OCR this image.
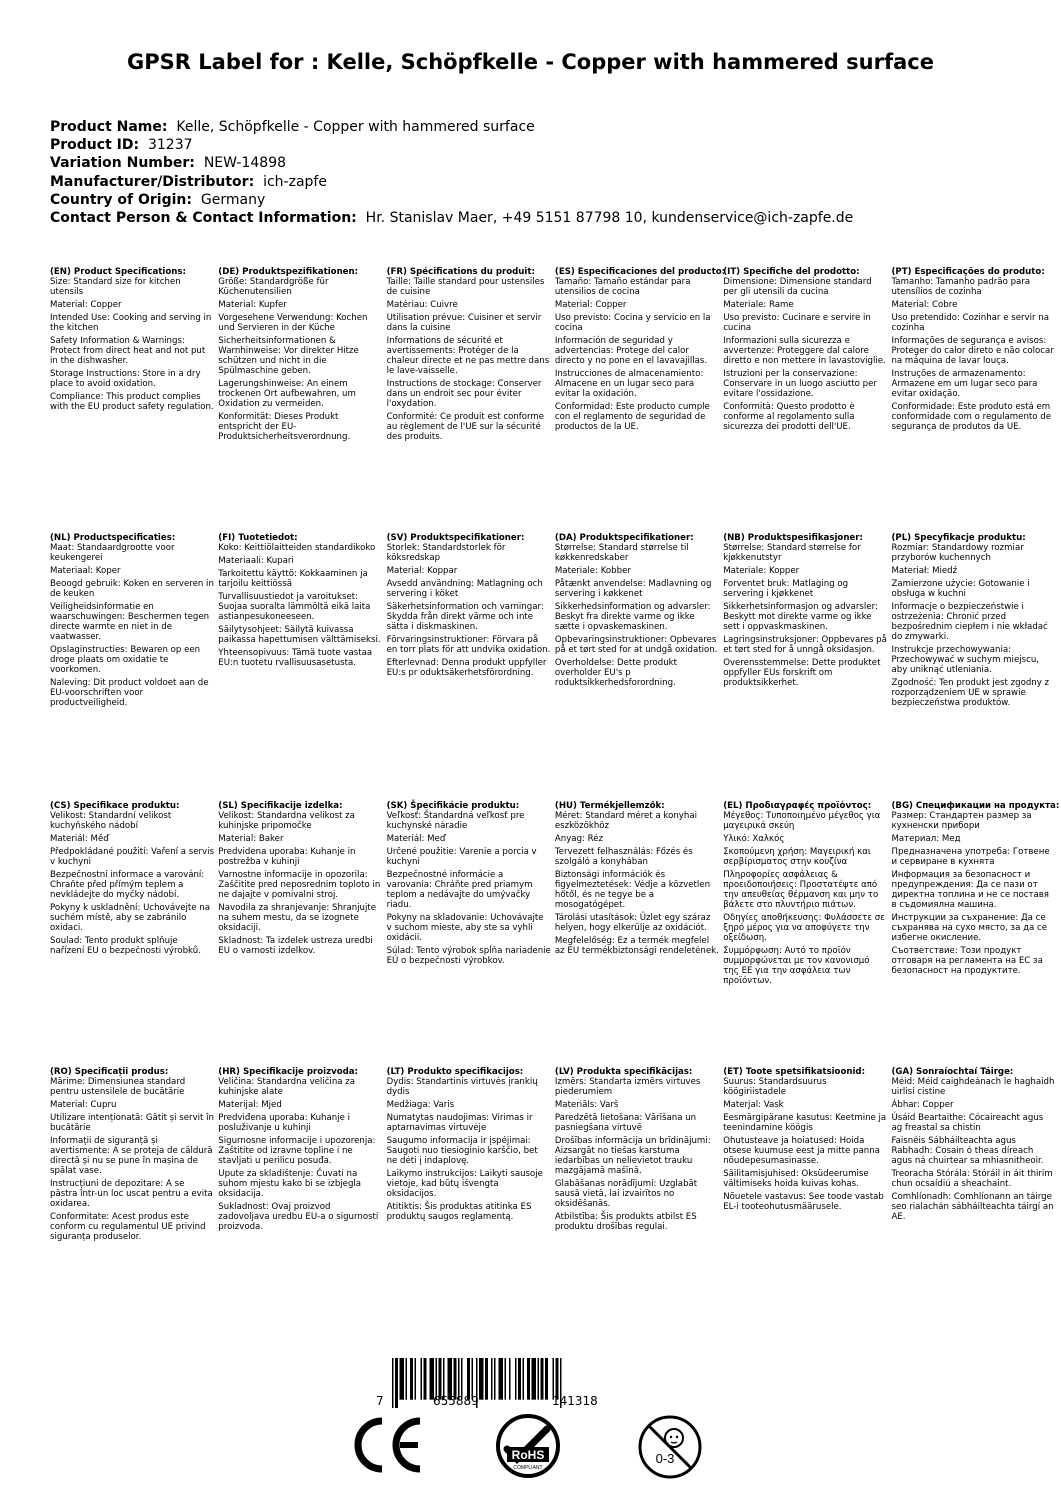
GPSR Label for : Kelle, Schöpfkelle - Copper with hammered surface
Product Name: Kelle, Schöpfkelle - Copper with hammered surface
Product ID: 31237
Variation Number: NEW-14898
Manufacturer/Distributor: ich-zapfe
Country of Origin: Germany
Contact Person & Contact Information: Hr. Stanislav Maer, +49 5151 87798 10, kundenservice@ich-zapfe.de
(EN) Product Specifications:

Size: Standard size for kitchen utensils

Material: Copper

Intended Use: Cooking and serving in the kitchen

Safety Information & Warnings: Protect from direct heat and not put in the dishwasher.

Storage Instructions: Store in a dry place to avoid oxidation.

Compliance: This product complies with the EU product safety regulation.

(DE) Produktspezifikationen:

Größe: Standardgröße für Küchenutensilien

Material: Kupfer

Vorgesehene Verwendung: Kochen und Servieren in der Küche

Sicherheitsinformationen & Warnhinweise: Vor direkter Hitze schützen und nicht in die Spülmaschine geben.

Lagerungshinweise: An einem trockenen Ort aufbewahren, um Oxidation zu vermeiden.

Konformität: Dieses Produkt entspricht der EU-Produktsicherheitsverordnung.

(FR) Spécifications du produit:

Taille: Taille standard pour ustensiles de cuisine

Matériau: Cuivre

Utilisation prévue: Cuisiner et servir dans la cuisine

Informations de sécurité et avertissements: Protéger de la chaleur directe et ne pas mettre dans le lave-vaisselle.

Instructions de stockage: Conserver dans un endroit sec pour éviter l'oxydation.

Conformité: Ce produit est conforme au règlement de l'UE sur la sécurité des produits.

(ES) Especificaciones del producto:

Tamaño: Tamaño estándar para utensilios de cocina

Material: Copper

Uso previsto: Cocina y servicio en la cocina

Información de seguridad y advertencias: Protege del calor directo y no pone en el lavavajillas.

Instrucciones de almacenamiento: Almacene en un lugar seco para evitar la oxidación.

Conformidad: Este producto cumple con el reglamento de seguridad de productos de la UE.

(IT) Specifiche del prodotto:

Dimensione: Dimensione standard per gli utensili da cucina

Materiale: Rame

Uso previsto: Cucinare e servire in cucina

Informazioni sulla sicurezza e avvertenze: Proteggere dal calore diretto e non mettere in lavastoviglie.

Istruzioni per la conservazione: Conservare in un luogo asciutto per evitare l'ossidazione.

Conformità: Questo prodotto è conforme al regolamento sulla sicurezza dei prodotti dell'UE.

(PT) Especificações do produto:

Tamanho: Tamanho padrão para utensílios de cozinha

Material: Cobre

Uso pretendido: Cozinhar e servir na cozinha

Informações de segurança e avisos: Proteger do calor direto e não colocar na máquina de lavar louça.

Instruções de armazenamento: Armazene em um lugar seco para evitar oxidação.

Conformidade: Este produto está em conformidade com o regulamento de segurança de produtos da UE.

(NL) Productspecificaties:

Maat: Standaardgrootte voor keukengerei

Materiaal: Koper

Beoogd gebruik: Koken en serveren in de keuken

Veiligheidsinformatie en waarschuwingen: Beschermen tegen directe warmte en niet in de vaatwasser.

Opslaginstructies: Bewaren op een droge plaats om oxidatie te voorkomen.

Naleving: Dit product voldoet aan de EU-voorschriften voor productveiligheid.

(FI) Tuotetiedot:

Koko: Keittiölaitteiden standardikoko

Materiaali: Kupari

Tarkoitettu käyttö: Kokkaaminen ja tarjoilu keittiössä

Turvallisuustiedot ja varoitukset: Suojaa suoralta lämmöltä eikä laita astianpesukoneeseen.

Säilytysohjeet: Säilytä kuivassa paikassa hapettumisen välttämiseksi.

Yhteensopivuus: Tämä tuote vastaa EU:n tuotetu rvallisuusasetusta.

(SV) Produktspecifikationer:

Storlek: Standardstorlek för köksredskap

Material: Koppar

Avsedd användning: Matlagning och servering i köket

Säkerhetsinformation och varningar: Skydda från direkt värme och inte sätta i diskmaskinen.

Förvaringsinstruktioner: Förvara på en torr plats för att undvika oxidation.

Efterlevnad: Denna produkt uppfyller EU:s pr oduktsäkerhetsförordning.

(DA) Produktspecifikationer:

Størrelse: Standard størrelse til køkkenredskaber

Materiale: Kobber

Påtænkt anvendelse: Madlavning og servering i køkkenet

Sikkerhedsinformation og advarsler: Beskyt fra direkte varme og ikke sætte i opvaskemaskinen.

Opbevaringsinstruktioner: Opbevares på et tørt sted for at undgå oxidation.

Overholdelse: Dette produkt overholder EU's p roduktsikkerhedsforordning.

(NB) Produktspesifikasjoner:

Størrelse: Standard størrelse for kjøkkenutstyr

Materiale: Kopper

Forventet bruk: Matlaging og servering i kjøkkenet

Sikkerhetsinformasjon og advarsler: Beskytt mot direkte varme og ikke sett i oppvaskmaskinen.

Lagringsinstruksjoner: Oppbevares på et tørt sted for å unngå oksidasjon.

Overensstemmelse: Dette produktet oppfyller EUs forskrift om produktsikkerhet.

(PL) Specyfikacje produktu:

Rozmiar: Standardowy rozmiar przyborów kuchennych

Materiał: Miedź

Zamierzone użycie: Gotowanie i obsługa w kuchni

Informacje o bezpieczeństwie i ostrzeżenia: Chronić przed bezpośrednim ciepłem i nie wkładać do zmywarki.

Instrukcje przechowywania: Przechowywać w suchym miejscu, aby uniknąć utleniania.

Zgodność: Ten produkt jest zgodny z rozporządzeniem UE w sprawie bezpieczeństwa produktów.

(CS) Specifikace produktu:

Velikost: Standardní velikost kuchyňského nádobí

Materiál: Měď

Předpokládané použití: Vaření a servis v kuchyni

Bezpečnostní informace a varování: Chraňte před přímým teplem a nevkládejte do myčky nádobí.

Pokyny k uskladnění: Uchovávejte na suchém místě, aby se zabránilo oxidaci.

Soulad: Tento produkt splňuje nařízení EU o bezpečnosti výrobků.

(SL) Specifikacije izdelka:

Velikost: Standardna velikost za kuhinjske pripomočke

Material: Baker

Predvidena uporaba: Kuhanje in postrežba v kuhinji

Varnostne informacije in opozorila: Zaščitite pred neposrednim toploto in ne dajajte v pomivalni stroj.

Navodila za shranjevanje: Shranjujte na suhem mestu, da se izognete oksidaciji.

Skladnost: Ta izdelek ustreza uredbi EU o varnosti izdelkov.

(SK) Špecifikácie produktu:

Veľkosť: Štandardná veľkosť pre kuchynské náradie

Materiál: Meď

Určené použitie: Varenie a porcia v kuchyni

Bezpečnostné informácie a varovania: Chráňte pred priamym teplom a nedávajte do umývačky riadu.

Pokyny na skladovanie: Uchovávajte v suchom mieste, aby ste sa vyhli oxidácii.

Súlad: Tento výrobok spĺňa nariadenie EÚ o bezpečnosti výrobkov.

(HU) Termékjellemzők:

Méret: Standard méret a konyhai eszközökhöz

Anyag: Réz

Tervezett felhasználás: Főzés és szolgáló a konyhában

Biztonsági információk és figyelmeztetések: Védje a közvetlen hőtől, és ne tegye be a mosogatógépet.

Tárolási utasítások: Üzlet egy száraz helyen, hogy elkerülje az oxidációt.

Megfelelőség: Ez a termék megfelel az EU termékbiztonsági rendeletének.

(EL) Προδιαγραφές προϊόντος:

Μέγεθος: Τυποποιημένο μέγεθος για μαγειρικά σκεύη

Υλικό: Χαλκός

Σκοπούμενη χρήση: Μαγειρική και σερβίρισματος στην κουζίνα

Πληροφορίες ασφάλειας & προειδοποιήσεις: Προστατέψτε από την απευθείας θέρμανση και μην το βάλετε στο πλυντήριο πιάτων.

Οδηγίες αποθήκευσης: Φυλάσσετε σε ξηρό μέρος για να αποφύγετε την οξείδωση.

Συμμόρφωση: Αυτό το προϊόν συμμορφώνεται με τον κανονισμό της ΕΕ για την ασφάλεια των προϊόντων.

(BG) Спецификации на продукта:

Размер: Стандартен размер за кухненски прибори

Материал: Мед

Предназначена употреба: Готвене и сервиране в кухнята

Информация за безопасност и предупреждения: Да се пази от директна топлина и не се поставя в съдомиялна машина.

Инструкции за съхранение: Да се съхранява на сухо място, за да се избегне окисление.

Съответствие: Този продукт отговаря на регламента на ЕС за безопасност на продуктите.

(RO) Specificații produs:

Mărime: Dimensiunea standard pentru ustensilele de bucătărie

Material: Cupru

Utilizare intenționată: Gătit și servit în bucătărie

Informații de siguranță și avertismente: A se proteja de căldură directă și nu se pune în mașina de spălat vase.

Instrucțiuni de depozitare: A se păstra într-un loc uscat pentru a evita oxidarea.

Conformitate: Acest produs este conform cu regulamentul UE privind siguranța produselor.

(HR) Specifikacije proizvoda:

Veličina: Standardna veličina za kuhinjske alate

Materijal: Mjed

Predviđena uporaba: Kuhanje i posluživanje u kuhinji

Sigurnosne informacije i upozorenja: Zaštitite od izravne topline i ne stavljati u perilicu posuđa.

Upute za skladištenje: Čuvati na suhom mjestu kako bi se izbjegla oksidacija.

Sukladnost: Ovaj proizvod zadovoljava uredbu EU-a o sigurnosti proizvoda.

(LT) Produkto specifikacijos:

Dydis: Standartinis virtuvės įrankių dydis

Medžiaga: Varis

Numatytas naudojimas: Virimas ir aptarnavimas virtuvėje

Saugumo informacija ir įspėjimai: Saugoti nuo tiesioginio karščio, bet ne dėti į indaplovę.

Laikymo instrukcijos: Laikyti sausoje vietoje, kad būtų išvengta oksidacijos.

Atitiktis: Šis produktas atitinka ES produktų saugos reglamentą.

(LV) Produkta specifikācijas:

Izmērs: Standarta izmērs virtuves piederumiem

Materiāls: Varš

Paredzētā lietošana: Vārīšana un pasniegšana virtuvē

Drošības informācija un brīdinājumi: Aizsargāt no tiešas karstuma iedarbības un nelievietot trauku mazgājamā mašīnā.

Glabāšanas norādījumi: Uzglabāt sausā vietā, lai izvairītos no oksidēšanās.

Atbilstība: Šis produkts atbilst ES produktu drošības regulai.

(ET) Toote spetsifikatsioonid:

Suurus: Standardsuurus köögiriistadele

Materjal: Vask

Eesmärgipärane kasutus: Keetmine ja teenindamine köögis

Ohutusteave ja hoiatused: Hoida otsese kuumuse eest ja mitte panna nõudepesumasinasse.

Säilitamisjuhised: Oksüdeerumise vältimiseks hoida kuivas kohas.

Nõuetele vastavus: See toode vastab EL-i tooteohutusmäärusele.

(GA) Sonraíochtaí Táirge:

Méid: Méid caighdeánach le haghaidh uirlisí cistine

Ábhar: Copper

Úsáid Beartaithe: Cócaireacht agus ag freastal sa chistin

Faisnéis Sábháilteachta agus Rabhadh: Cosain ó theas díreach agus ná chuirtear sa mhiasnitheoir.

Treoracha Stórála: Stóráil in áit thirim chun ocsaídiú a sheachaint.

Comhlíonadh: Comhlíonann an táirge seo rialachán sábháilteachta táirgí an AE.

7	655889	141318
RoHS
COMPLIANT
0-3
